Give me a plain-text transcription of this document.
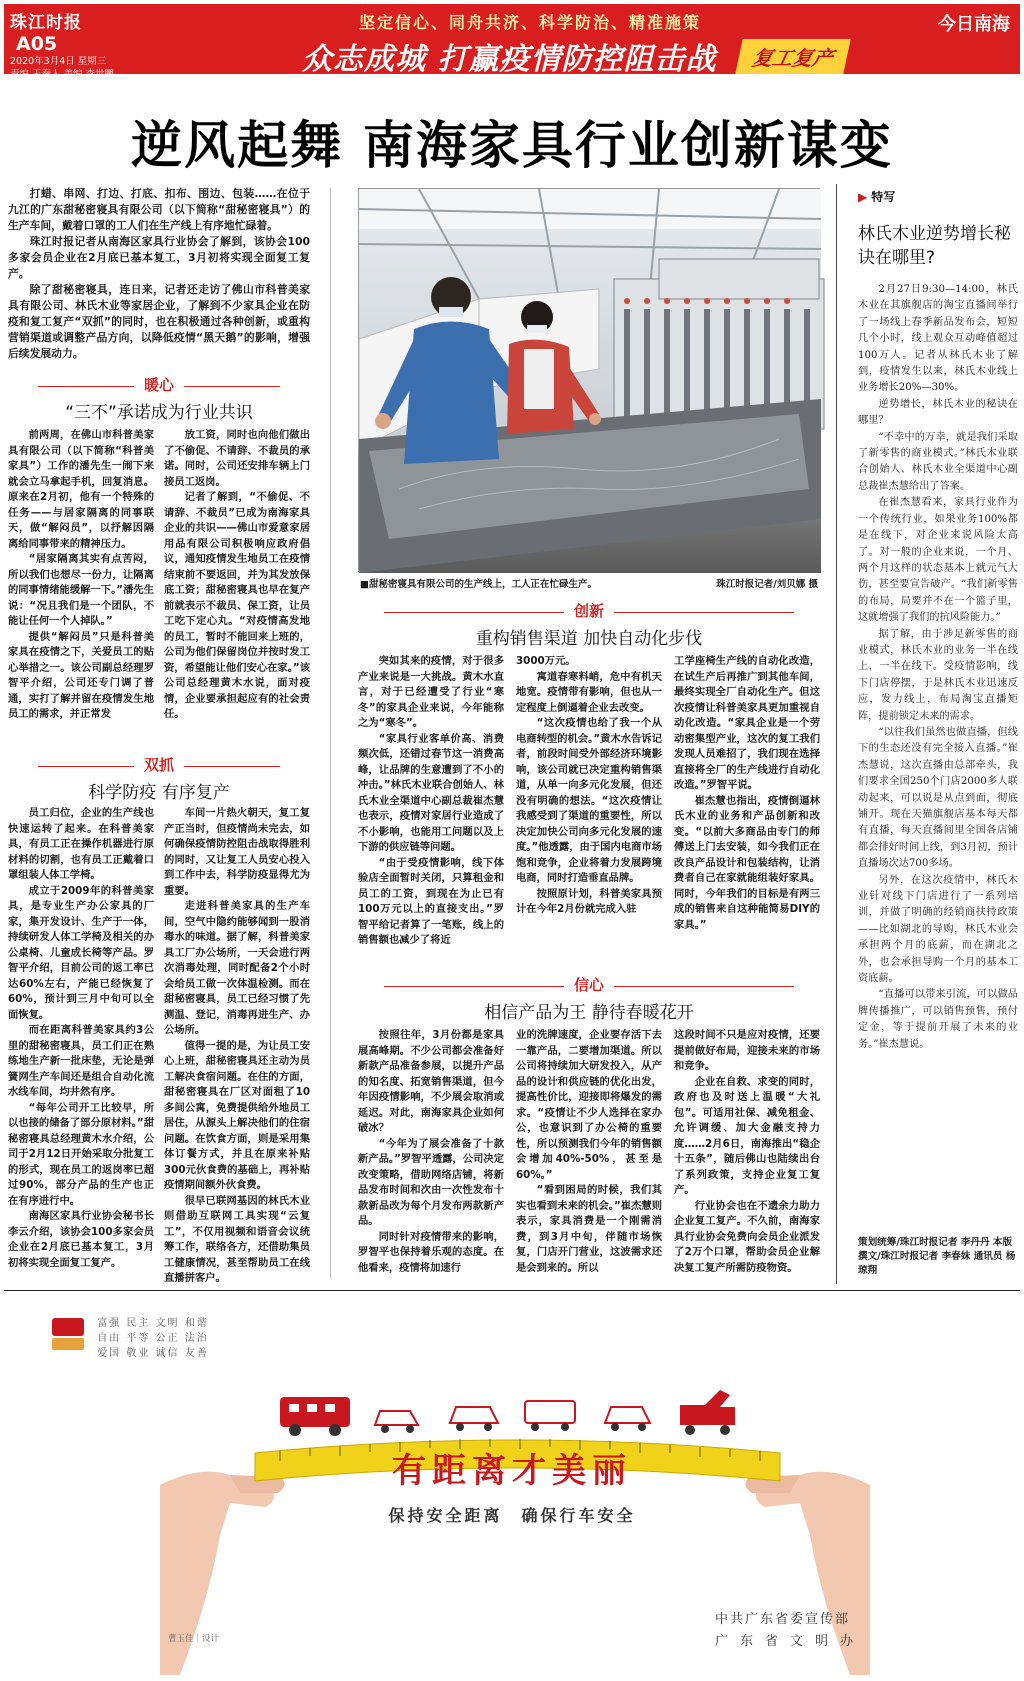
珠江时报A05
2020年3月4日 星期三
责编 王秦人 美编 李世鹏
坚定信心、同舟共济、科学防治、精准施策
众志成城 打赢疫情防控阻击战	复工复产
今日南海
逆风起舞 南海家具行业创新谋变

打蜡、串网、打边、打底、扣布、围边、包装……在位于九江的广东甜秘密寝具有限公司（以下简称“甜秘密寝具”）的生产车间，戴着口罩的工人们在生产线上有序地忙碌着。

珠江时报记者从南海区家具行业协会了解到，该协会100多家会员企业在2月底已基本复工，3月初将实现全面复工复产。

除了甜秘密寝具，连日来，记者还走访了佛山市科普美家具有限公司、林氏木业等家居企业，了解到不少家具企业在防疫和复工复产“双抓”的同时，也在积极通过各种创新，或重构营销渠道或调整产品方向，以降低疫情“黑天鹅”的影响，增强后续发展动力。

暖心
“三不”承诺成为行业共识

前两周，在佛山市科普美家具有限公司（以下简称“科普美家具”）工作的潘先生一闹下来就会立马拿起手机，回复消息。原来在2月初，他有一个特殊的任务——与居家隔离的同事联天，做“解闷员”，以抒解因隔离给同事带来的精神压力。

“居家隔离其实有点苦闷，所以我们也想尽一份力，让隔离的同事情绪能缓解一下。”潘先生说：“况且我们是一个团队，不能让任何一个人掉队。”

提供“解闷员”只是科普美家具在疫情之下，关爱员工的贴心举措之一。该公司副总经理罗智平介绍，公司还专门调了普通，实打了解并留在疫情发生地员工的需求，并正常发

放工资，同时也向他们做出了不偷促、不请辞、不裁员的承诺。同时，公司还安排车辆上门接员工返岗。

记者了解到，“不偷促、不请辞、不裁员”已成为南海家具企业的共识——佛山市爱意家居用品有限公司积极响应政府倡议，通知疫情发生地员工在疫情结束前不要返回，并为其发放保底工资；甜秘密寝具也早在复产前就表示不裁员、保工资，让员工吃下定心丸。“对疫情高发地的员工，暂时不能回来上班的，公司为他们保留岗位并按时发工资，希望能让他们安心在家。”该公司总经理黄木水说，面对疫情，企业要承担起应有的社会责任。

双抓
科学防疫 有序复产

员工归位，企业的生产线也快速运转了起来。在科普美家具，有员工正在操作机器进行原材料的切割，也有员工正戴着口罩组装人体工学椅。

成立于2009年的科普美家具，是专业生产办公家具的厂家，集开发设计、生产于一体，持续研发人体工学椅及相关的办公桌椅、儿童成长椅等产品。罗智平介绍，目前公司的返工率已达60%左右，产能已经恢复了60%，预计到三月中旬可以全面恢复。

而在距离科普美家具约3公里的甜秘密寝具，员工们正在熟练地生产新一批床垫，无论是弹簧网生产车间还是组合自动化流水线车间，均井然有序。

“每年公司开工比较早，所以也接的储备了部分原材料。”甜秘密寝具总经理黄木水介绍，公司于2月12日开始采取分批复工的形式，现在员工的返岗率已超过90%，部分产品的生产也正在有序进行中。

南海区家具行业协会秘书长李云介绍，该协会100多家会员企业在2月底已基本复工，3月初将实现全面复工复产。

车间一片热火朝天，复工复产正当时，但疫情尚未完去，如何确保疫情防控阻击战取得胜利的同时，又让复工人员安心投入到工作中去，科学防疫显得尤为重要。

走进科普美家具的生产车间，空气中隐约能够闻到一股消毒水的味道。据了解，科普美家具工厂办公场所，一天会进行两次消毒处理，同时配备2个小时会给员工做一次体温检测。而在甜秘密寝具，员工已经习惯了先测温、登记，消毒再进生产、办公场所。

值得一提的是，为让员工安心上班，甜秘密寝具还主动为员工解决食宿问题。在住的方面，甜秘密寝具在厂区对面租了10多间公寓，免费提供给外地员工居住，从源头上解决他们的住宿问题。在饮食方面，则是采用集体订餐方式，并且在原来补贴300元伙食费的基础上，再补贴疫情期间额外伙食费。

很早已联网基因的林氏木业则借助互联网工具实现“云复工”，不仅用视频和语音会议统筹工作，联络各方，还借助集员工健康情况，甚至帮助员工在线直播拼客户。

■甜秘密寝具有限公司的生产线上，工人正在忙碌生产。	珠江时报记者/刘贝娜 摄
创新
重构销售渠道 加快自动化步伐

突如其来的疫情，对于很多产业来说是一大挑战。黄木水直言，对于已经遭受了行业“寒冬”的家具企业来说，今年能称之为“寒冬”。

“家具行业客单价高、消费频次低，还错过春节这一消费高峰，让品牌的生意遭到了不小的冲击。”林氏木业联合创始人、林氏木业全渠道中心副总裁崔杰慧也表示，疫情对家居行业造成了不小影响，也能用工问题以及上下游的供应链等问题。

“由于受疫情影响，线下体验店全面暂时关闭，只算租金和员工的工资，到现在为止已有100万元以上的直接支出。”罗智平给记者算了一笔账，线上的销售额也减少了将近

3000万元。

寓道春寒料峭，危中有机天地宽。疫情带有影响，但也从一定程度上倒逼着企业去改变。

“这次疫情也给了我一个从电商转型的机会。”黄木水告诉记者，前段时间受外部经济环境影响，该公司就已决定重构销售渠道，从单一向多元化发展，但还没有明确的想法。“这次疫情让我感受到了渠道的重要性，所以决定加快公司向多元化发展的速度。”他透露，由于国内电商市场饱和竞争，企业将着力发展跨境电商，同时打造垂直品牌。

按照原计划，科普美家具预计在今年2月份就完成入驻

工学座椅生产线的自动化改造，在试生产后再推广到其他车间，最终实现全厂自动化生产。但这次疫情让科普美家具更加重视自动化改造。“家具企业是一个劳动密集型产业，这次的复工我们发现人员难招了，我们现在选择直接将全厂的生产线进行自动化改造。”罗智平说。

崔杰慧也指出，疫情倒逼林氏木业的业务和产品创新和改变。“以前大多商品由专门的师傅送上门去安装，如今我们正在改良产品设计和包装结构，让消费者自己在家就能组装好家具。同时，今年我们的目标是有两三成的销售来自这种能简易DIY的家具。”

信心
相信产品为王 静待春暖花开

按照往年，3月份都是家具展高峰期。不少公司都会准备好新款产品准备参展，以提升产品的知名度、拓宽销售渠道，但今年因疫情影响，不少展会取消或延迟。对此，南海家具企业如何破冰？

“今年为了展会准备了十款新产品。”罗智平透露，公司决定改变策略，借助网络店铺，将新品发布时间和次由一次性发布十款新品改为每个月发布两款新产品。

同时针对疫情带来的影响，罗智平也保持着乐观的态度。在他看来，疫情将加速行

业的洗牌速度，企业要存活下去一靠产品，二要增加渠道。所以公司将持续加大研发投入，从产品的设计和供应链的优化出发，提高性价比，迎接即将爆发的需求。“疫情让不少人选择在家办公，也意识到了办公椅的重要性，所以预测我们今年的销售额会增加40%-50%，甚至是60%。”

“看到困局的时候，我们其实也看到未来的机会。”崔杰慧则表示，家具消费是一个刚需消费，到3月中旬，伴随市场恢复，门店开门营业，这波需求还是会到来的。所以

这段时间不只是应对疫情，还要提前做好布局，迎接未来的市场和竞争。

企业在自救、求变的同时，政府也及时送上温暖“大礼包”。可适用社保、减免租金、允许调缓、加大金融支持力度……2月6日，南海推出“稳企十五条”，随后佛山也陆续出台了系列政策，支持企业复工复产。

行业协会也在不遗余力助力企业复工复产。不久前，南海家具行业协会免费向会员企业派发了2万个口罩，帮助会员企业解决复工复产所需防疫物资。

▶ 特写
林氏木业逆势增长秘诀在哪里?

2月27日9:30—14:00，林氏木业在其旗舰店的淘宝直播间举行了一场线上春季新品发布会，短短几个小时，线上观众互动峰值超过100万人。记者从林氏木业了解到，疫情发生以来，林氏木业线上业务增长20%—30%。

逆势增长，林氏木业的秘诀在哪里？

“不幸中的万幸，就是我们采取了新零售的商业模式。”林氏木业联合创始人、林氏木业全渠道中心副总裁崔杰慧给出了答案。

在崔杰慧看来，家具行业作为一个传统行业，如果业务100%都是在线下，对企业来说风险太高了。对一般的企业来说，一个月、两个月这样的状态基本上就元气大伤，甚至要宣告破产。“我们新零售的布局，局要并不在一个篮子里，这就增强了我们的抗风险能力。”

据了解，由于涉足新零售的商业模式，林氏木业的业务一半在线上，一半在线下。受疫情影响，线下门店停摆，于是林氏木业迅速反应，发力线上，布局淘宝直播矩阵，提前锁定未来的需求。

“以往我们虽然也做直播，但线下的生态还没有完全接入直播。”崔杰慧说，这次直播由总部牵头，我们要求全国250个门店2000多人联动起来，可以说是从点到面，彻底铺开。现在天猫旗舰店基本每天都有直播，每天直播间里全国各店铺都会排好时间上线，到3月初，预计直播场次达700多场。

另外，在这次疫情中，林氏木业针对线下门店进行了一系列培训，并做了明确的经销商扶持政策——比如湖北的导购，林氏木业会承担两个月的底薪，而在湖北之外，也会承担导购一个月的基本工资底薪。

“直播可以带来引流，可以做品牌传播推广，可以销售预售，预付定金，等于提前开展了未来的业务。”崔杰慧说。

策划统筹/珠江时报记者 李丹丹 本版撰文/珠江时报记者 李春妹 通讯员 杨琼翔

富强 民主 文明 和谐
自由 平等 公正 法治
爱国 敬业 诚信 友善
有距离才美丽
保持安全距离　确保行车安全
中共广东省委宣传部
广东省文明办
曹玉佳｜设计
